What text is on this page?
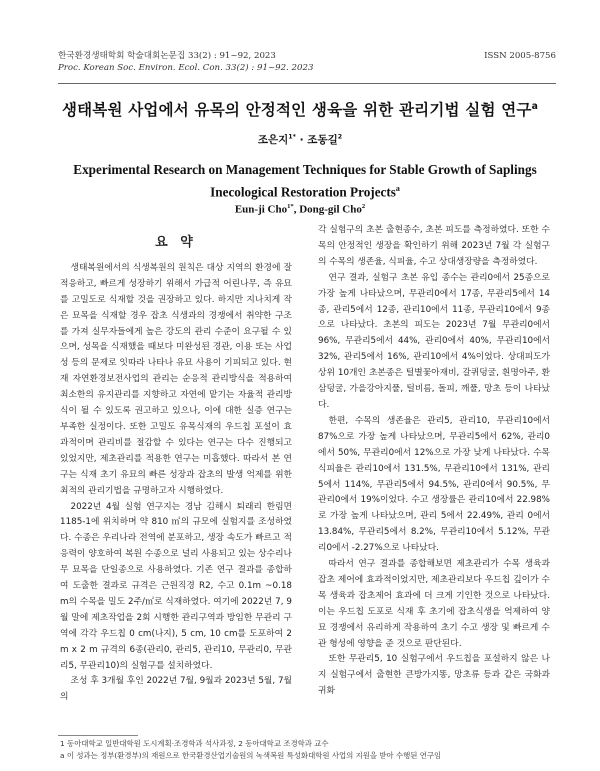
한국환경생태학회 학술대회논문집 33(2) : 91~92, 2023
Proc. Korean Soc. Environ. Ecol. Con. 33(2) : 91~92. 2023
ISSN 2005-8756
생태복원 사업에서 유목의 안정적인 생육을 위한 관리기법 실험 연구$^a$
조은지$^{1*}$ · 조동길$^2$
Experimental Research on Management Techniques for Stable Growth of Saplings Inecological Restoration Projects$^a$
Eun-ji Cho$^{1*}$, Dong-gil Cho$^2$
요 약

생태복원에서의 식생복원의 원칙은 대상 지역의 환경에 잘 적응하고, 빠르게 성장하기 위해서 가급적 어린나무, 즉 유묘를 고밀도로 식재할 것을 권장하고 있다. 하지만 지나치게 작은 묘목을 식재할 경우 잡초 식생과의 경쟁에서 취약한 구조를 가져 실무자들에게 높은 강도의 관리 수준이 요구될 수 있으며, 성목을 식재했을 때보다 미완성된 경관, 이용 또는 사업성 등의 문제로 잇따라 나타나 유묘 사용이 기피되고 있다. 현재 자연환경보전사업의 관리는 순응적 관리방식을 적용하여 최소한의 유지관리를 지향하고 자연에 맡기는 자율적 관리방식이 될 수 있도록 권고하고 있으나, 이에 대한 실증 연구는 부족한 실정이다. 또한 고밀도 유목식재의 우드칩 포설이 효과적이며 관리비를 절감할 수 있다는 연구는 다수 진행되고 있었지만, 제초관리를 적용한 연구는 미흡했다. 따라서 본 연구는 식재 초기 유묘의 빠른 성장과 잡초의 발생 억제를 위한 최적의 관리기법을 규명하고자 시행하였다.

2022년 4월 실험 연구지는 경남 김해시 퇴래리 한림면 1185-1에 위치하며 약 810 ㎡의 규모에 실험지를 조성하였다. 수종은 우리나라 전역에 분포하고, 생장 속도가 빠르고 적응력이 양호하여 복원 수종으로 널리 사용되고 있는 상수리나무 묘목을 단일종으로 사용하였다. 기존 연구 결과를 종합하여 도출한 결과로 규격은 근원직경 R2, 수고 0.1m ~0.18 m의 수목을 밀도 2주/㎡로 식재하였다. 여기에 2022년 7, 9월 말에 제초작업을 2회 시행한 관리구역과 방임한 무관리 구역에 각각 우드칩 0 cm(나지), 5 cm, 10 cm를 도포하여 2 m x 2 m 규격의 6종(관리0, 관리5, 관리10, 무관리0, 무관리5, 무관리10)의 실험구를 설치하였다.

조성 후 3개월 후인 2022년 7월, 9월과 2023년 5월, 7월의

각 실험구의 초본 출현종수, 초본 피도를 측정하였다. 또한 수목의 안정적인 생장을 확인하기 위해 2023년 7월 각 실험구의 수목의 생존율, 식피율, 수고 상대생장량을 측정하였다.

연구 결과, 실험구 초본 유입 종수는 관리0에서 25종으로 가장 높게 나타났으며, 무관리0에서 17종, 무관리5에서 14종, 관리5에서 12종, 관리10에서 11종, 무관리10에서 9종으로 나타났다. 초본의 피도는 2023년 7월 무관리0에서 96%, 무관리5에서 44%, 관리0에서 40%, 무관리10에서 32%, 관리5에서 16%, 관리10에서 4%이었다. 상대피도가 상위 10개인 초본종은 털별꽃아재비, 갈퀴덩굴, 흰명아주, 환삼덩굴, 가을강아지풀, 털비름, 돌피, 깨풀, 망초 등이 나타났다.

한편, 수목의 생존율은 관리5, 관리10, 무관리10에서 87%으로 가장 높게 나타났으며, 무관리5에서 62%, 관리0에서 50%, 무관리0에서 12%으로 가장 낮게 나타났다. 수목 식피율은 관리10에서 131.5%, 무관리10에서 131%, 관리5에서 114%, 무관리5에서 94.5%, 관리0에서 90.5%, 무관리0에서 19%이었다. 수고 생장률은 관리10에서 22.98%로 가장 높게 나타났으며, 관리 5에서 22.49%, 관리 0에서 13.84%, 무관리5에서 8.2%, 무관리10에서 5.12%, 무관리0에서 -2.27%으로 나타났다.

따라서 연구 결과를 종합해보면 제초관리가 수목 생육과 잡초 제어에 효과적이었지만, 제초관리보다 우드칩 깊이가 수목 생육과 잡초제어 효과에 더 크게 기인한 것으로 나타났다. 이는 우드칩 도포로 식재 후 초기에 잡초식생을 억제하여 양묘 경쟁에서 유리하게 작용하여 초기 수고 생장 및 빠르게 수관 형성에 영향을 준 것으로 판단된다.

또한 무관리5, 10 실험구에서 우드칩을 포설하지 않은 나지 실험구에서 출현한 큰방가지똥, 망초류 등과 같은 국화과 귀화

1 동아대학교 일반대학원 도시계획·조경학과 석사과정, 2 동아대학교 조경학과 교수
a 이 성과는 정부(환경부)의 재원으로 한국환경산업기술원의 녹색복원 특성화대학원 사업의 지원을 받아 수행된 연구임
